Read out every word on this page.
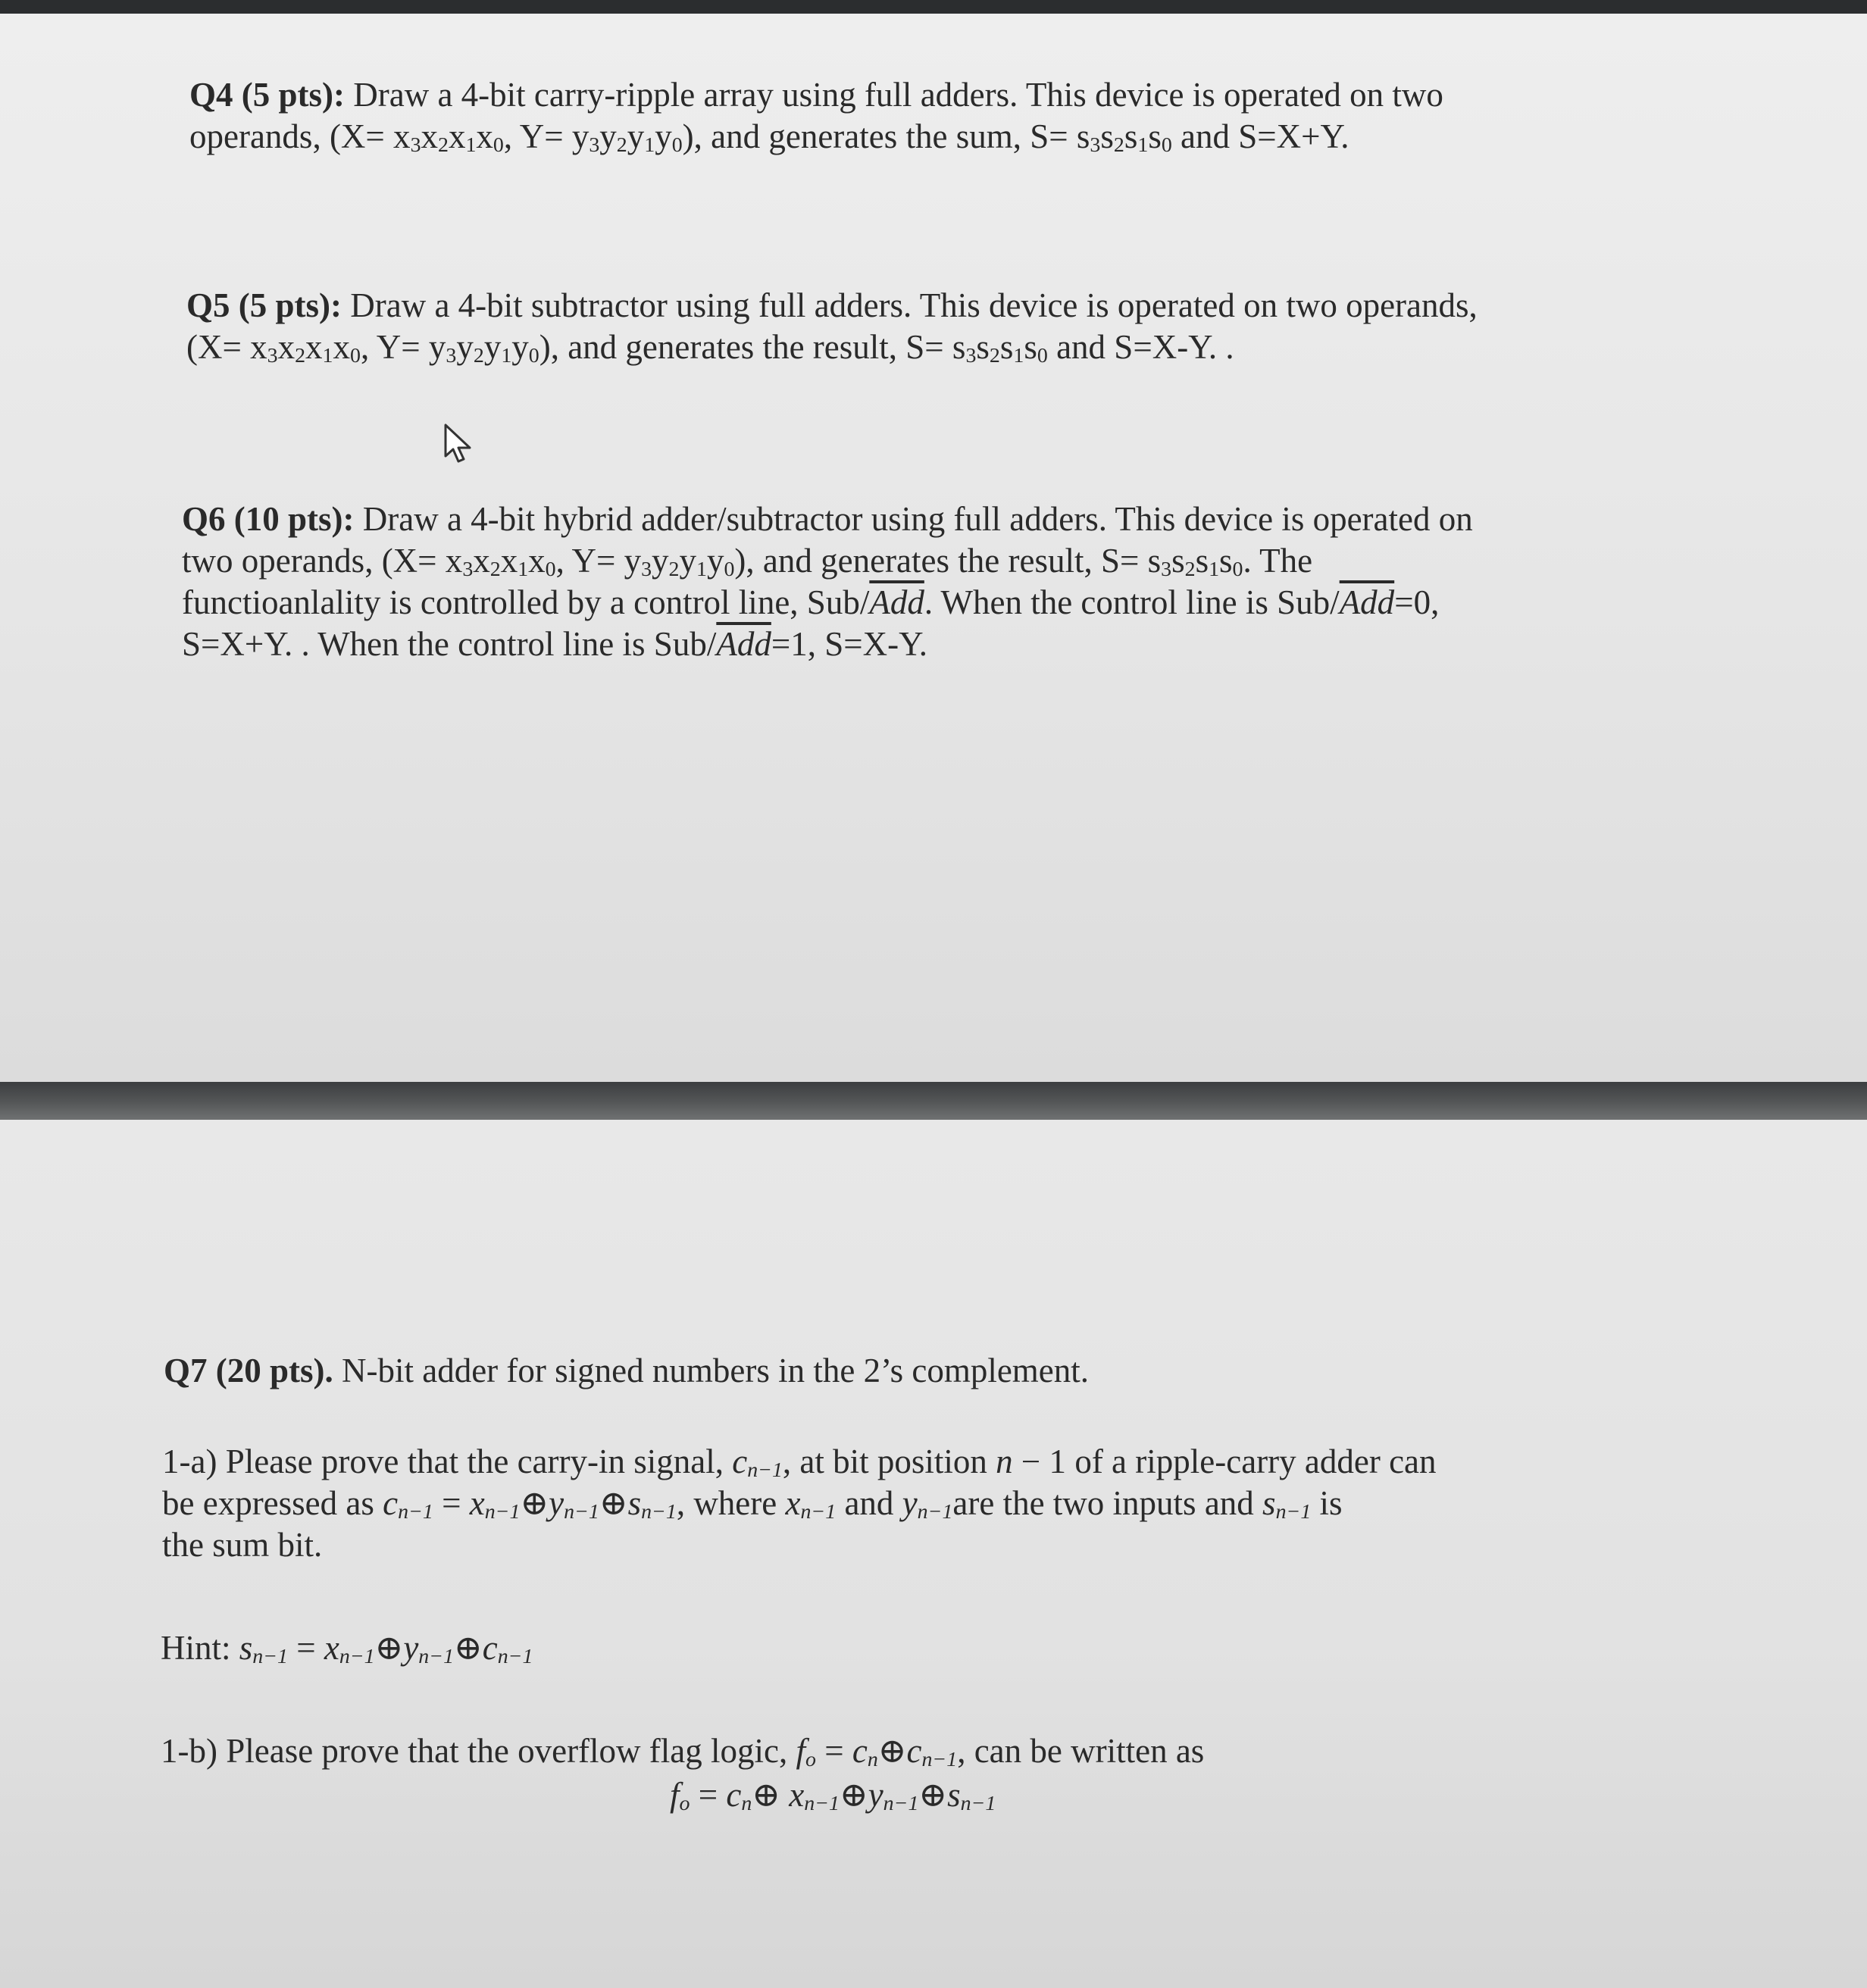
Q4 (5 pts): Draw a 4-bit carry-ripple array using full adders. This device is operated on two

operands, ($X= x_3x_2x_1x_0$, $Y= y_3y_2y_1y_0$), and generates the sum, $S= s_3s_2s_1s_0$ and S=X+Y.

Q5 (5 pts): Draw a 4-bit subtractor using full adders. This device is operated on two operands,

($X= x_3x_2x_1x_0$, $Y= y_3y_2y_1y_0$), and generates the result, $S= s_3s_2s_1s_0$ and S=X-Y. .

Q6 (10 pts): Draw a 4-bit hybrid adder/subtractor using full adders. This device is operated on

two operands, ($X= x_3x_2x_1x_0$, $Y= y_3y_2y_1y_0$), and generates the result, $S= s_3s_2s_1s_0$. The

functioanlality is controlled by a control line, Sub/$\overline{Add}$. When the control line is Sub/$\overline{Add}=0$,

S=X+Y. . When the control line is Sub/$\overline{Add}=1$, S=X-Y.

Q7 (20 pts). N-bit adder for signed numbers in the 2’s complement.

1-a) Please prove that the carry-in signal, $c_{n-1}$, at bit position n − 1 of a ripple-carry adder can

be expressed as $c_{n-1}$ = $x_{n-1}\oplus y_{n-1}\oplus s_{n-1}$, where $x_{n-1}$ and $y_{n-1}are$ the two inputs and $s_{n-1}$ is

the sum bit.

Hint: $s_{n-1}$ = $x_{n-1}\oplus y_{n-1}\oplus c_{n-1}$

1-b) Please prove that the overflow flag logic, $f_o$ = $c_n\oplus c_{n-1}$, can be written as

$f_o$ = $c_n\oplus$ $x_{n-1}\oplus y_{n-1}\oplus s_{n-1}$
